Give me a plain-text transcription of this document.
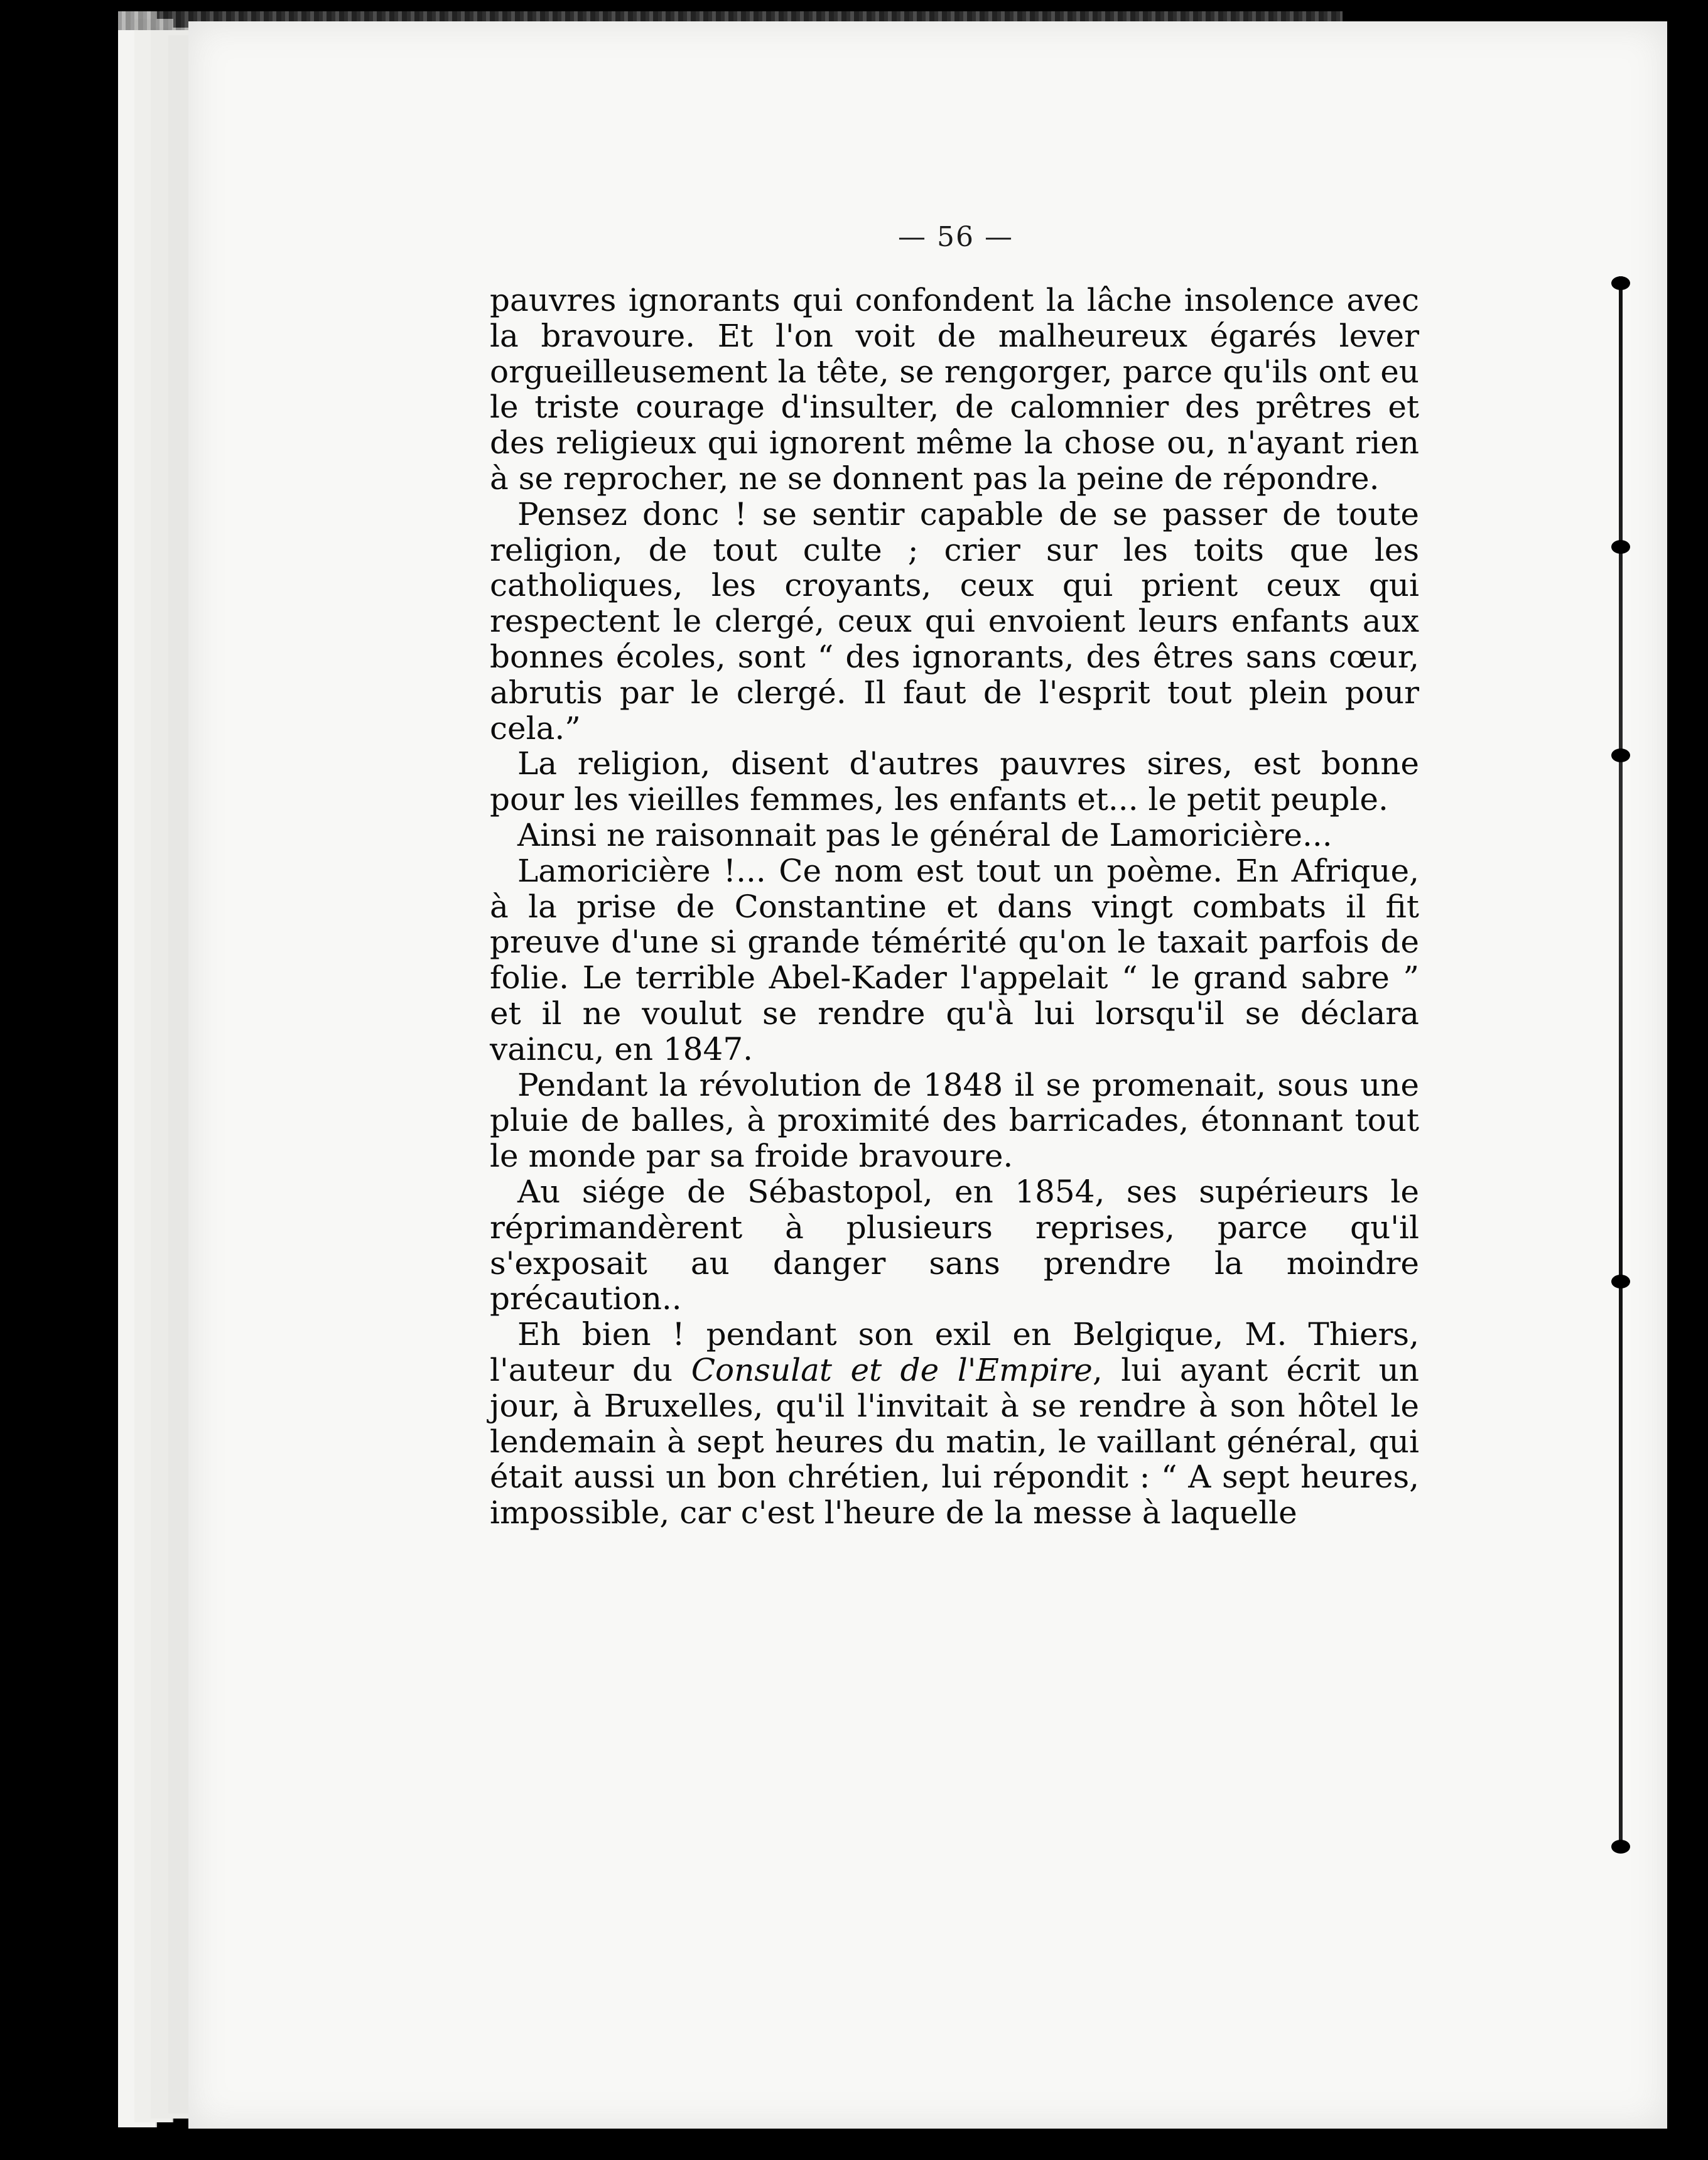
— 56 —

pauvres ignorants qui confondent la lâche insolence avec la bravoure. Et l'on voit de malheureux égarés lever orgueilleusement la tête, se rengorger, parce qu'ils ont eu le triste courage d'insulter, de calomnier des prêtres et des religieux qui ignorent même la chose ou, n'ayant rien à se reprocher, ne se donnent pas la peine de répondre.

Pensez donc ! se sentir capable de se passer de toute religion, de tout culte ; crier sur les toits que les catholiques, les croyants, ceux qui prient ceux qui respectent le clergé, ceux qui envoient leurs enfants aux bonnes écoles, sont “ des ignorants, des êtres sans cœur, abrutis par le clergé. Il faut de l'esprit tout plein pour cela.”

La religion, disent d'autres pauvres sires, est bonne pour les vieilles femmes, les enfants et... le petit peuple.

Ainsi ne raisonnait pas le général de Lamoricière...

Lamoricière !... Ce nom est tout un poème. En Afrique, à la prise de Constantine et dans vingt combats il fit preuve d'une si grande témérité qu'on le taxait parfois de folie. Le terrible Abel-Kader l'appelait “ le grand sabre ” et il ne voulut se rendre qu'à lui lorsqu'il se déclara vaincu, en 1847.

Pendant la révolution de 1848 il se promenait, sous une pluie de balles, à proximité des barricades, étonnant tout le monde par sa froide bravoure.

Au siége de Sébastopol, en 1854, ses supérieurs le réprimandèrent à plusieurs reprises, parce qu'il s'exposait au danger sans prendre la moindre précaution..

Eh bien ! pendant son exil en Belgique, M. Thiers, l'auteur du Consulat et de l'Empire, lui ayant écrit un jour, à Bruxelles, qu'il l'invitait à se rendre à son hôtel le lendemain à sept heures du matin, le vaillant général, qui était aussi un bon chrétien, lui répondit : “ A sept heures, impossible, car c'est l'heure de la messe à laquelle
